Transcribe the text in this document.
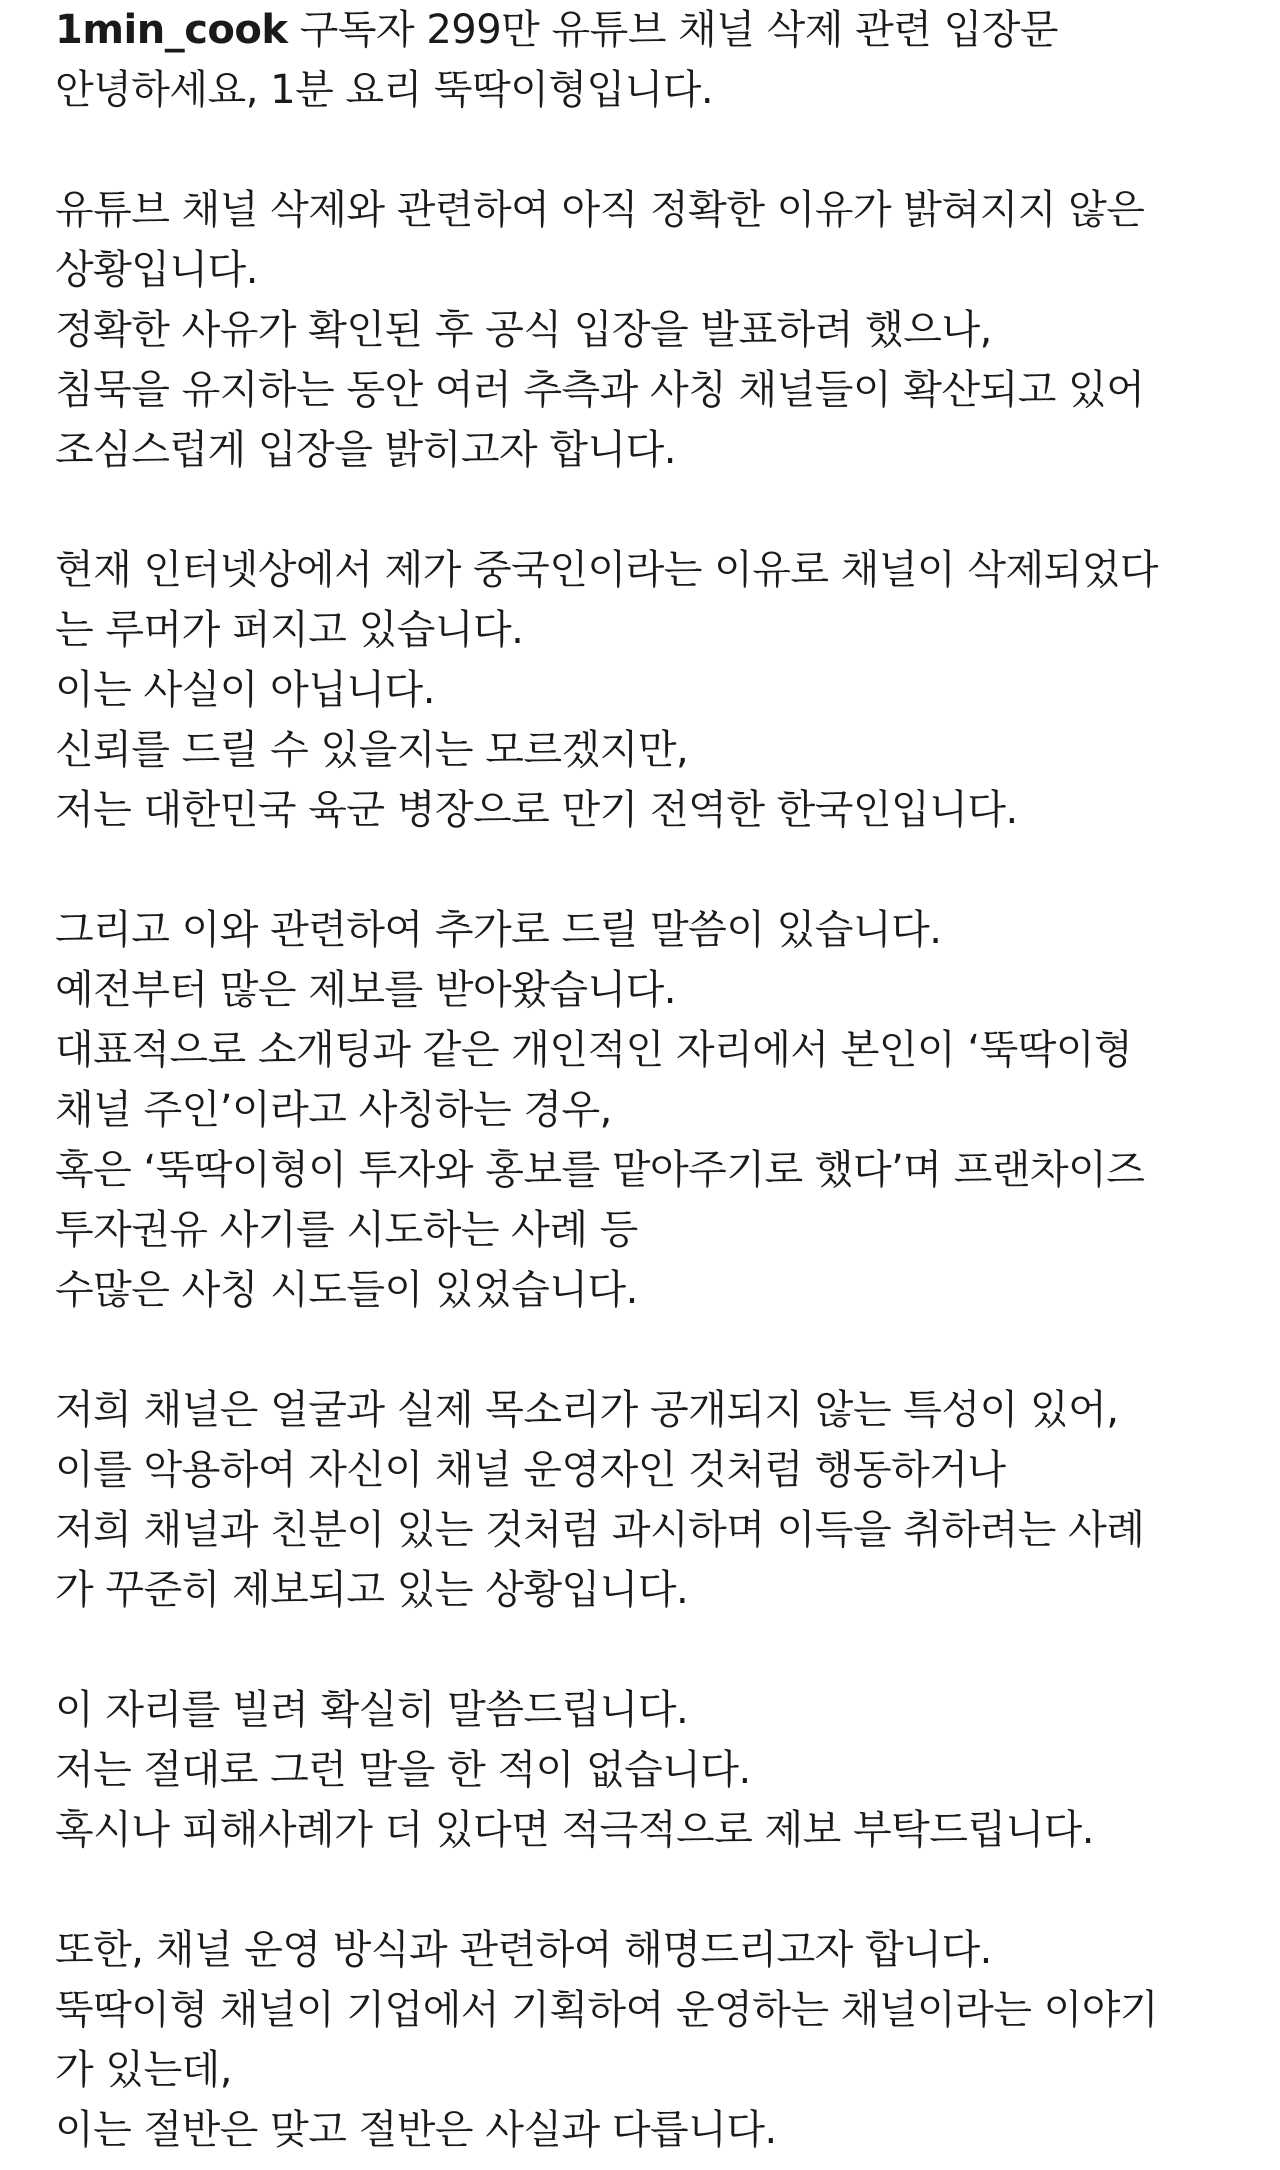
1min_cook 구독자 299만 유튜브 채널 삭제 관련 입장문
안녕하세요, 1분 요리 뚝딱이형입니다.
유튜브 채널 삭제와 관련하여 아직 정확한 이유가 밝혀지지 않은
상황입니다.
정확한 사유가 확인된 후 공식 입장을 발표하려 했으나,
침묵을 유지하는 동안 여러 추측과 사칭 채널들이 확산되고 있어
조심스럽게 입장을 밝히고자 합니다.
현재 인터넷상에서 제가 중국인이라는 이유로 채널이 삭제되었다
는 루머가 퍼지고 있습니다.
이는 사실이 아닙니다.
신뢰를 드릴 수 있을지는 모르겠지만,
저는 대한민국 육군 병장으로 만기 전역한 한국인입니다.
그리고 이와 관련하여 추가로 드릴 말씀이 있습니다.
예전부터 많은 제보를 받아왔습니다.
대표적으로 소개팅과 같은 개인적인 자리에서 본인이 ‘뚝딱이형
채널 주인’이라고 사칭하는 경우,
혹은 ‘뚝딱이형이 투자와 홍보를 맡아주기로 했다’며 프랜차이즈
투자권유 사기를 시도하는 사례 등
수많은 사칭 시도들이 있었습니다.
저희 채널은 얼굴과 실제 목소리가 공개되지 않는 특성이 있어,
이를 악용하여 자신이 채널 운영자인 것처럼 행동하거나
저희 채널과 친분이 있는 것처럼 과시하며 이득을 취하려는 사례
가 꾸준히 제보되고 있는 상황입니다.
이 자리를 빌려 확실히 말씀드립니다.
저는 절대로 그런 말을 한 적이 없습니다.
혹시나 피해사례가 더 있다면 적극적으로 제보 부탁드립니다.
또한, 채널 운영 방식과 관련하여 해명드리고자 합니다.
뚝딱이형 채널이 기업에서 기획하여 운영하는 채널이라는 이야기
가 있는데,
이는 절반은 맞고 절반은 사실과 다릅니다.
